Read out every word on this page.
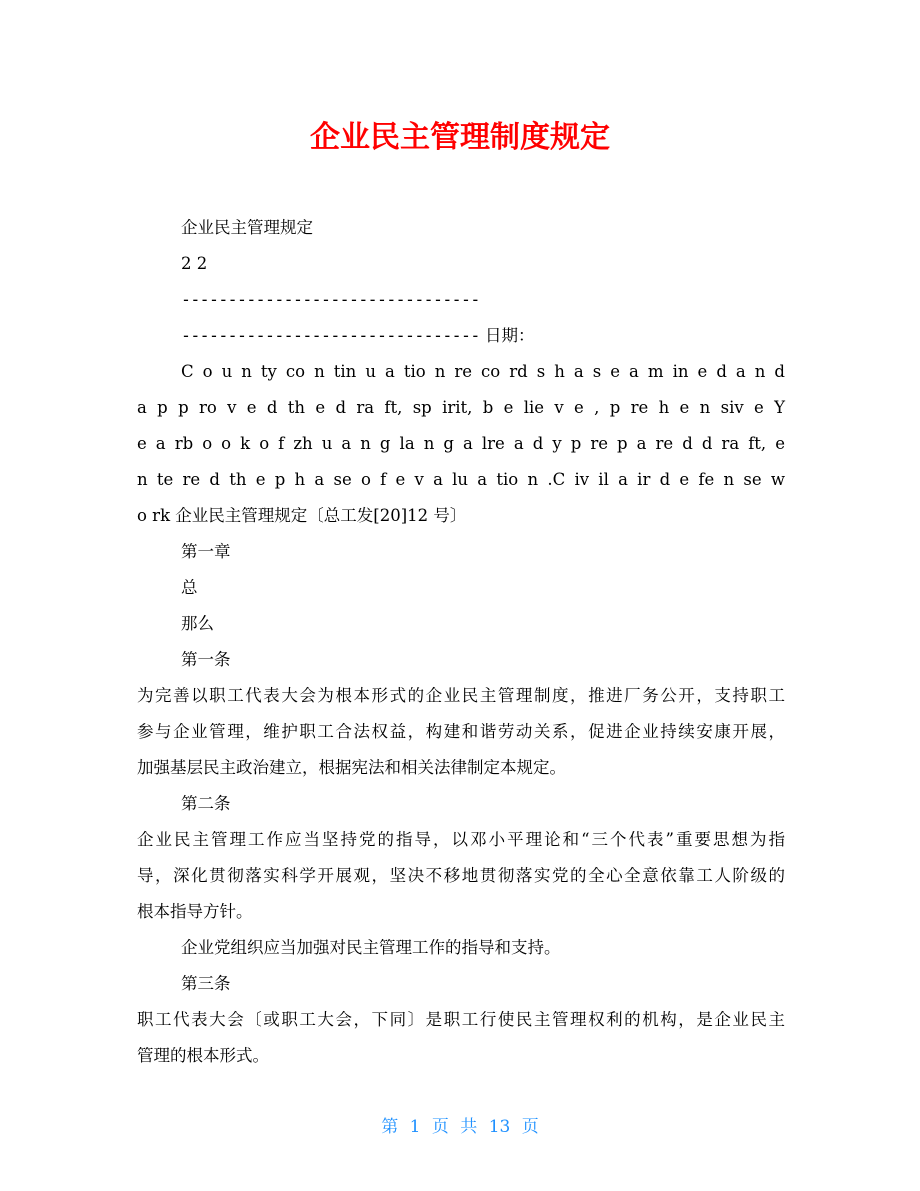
企业民主管理制度规定
企业民主管理规定
2 2
--------------------------------
-------------------------------- 日期：
C o u n ty co n tin u a tio n re co rd s h a s e a m in e d a n d
a p p ro v e d th e d ra ft, sp irit, b e lie v e , p re h e n siv e Y
e a rb o o k o f zh u a n g la n g a lre a d y p re p a re d d ra ft, e
n te re d th e p h a se o f e v a lu a tio n .C iv il a ir d e fe n se w
o rk 企业民主管理规定〔总工发[20]12 号〕
第一章
总
那么
第一条
为完善以职工代表大会为根本形式的企业民主管理制度，推进厂务公开，支持职工
参与企业管理，维护职工合法权益，构建和谐劳动关系，促进企业持续安康开展，
加强基层民主政治建立，根据宪法和相关法律制定本规定。
第二条
企业民主管理工作应当坚持党的指导，以邓小平理论和“三个代表”重要思想为指
导，深化贯彻落实科学开展观，坚决不移地贯彻落实党的全心全意依靠工人阶级的
根本指导方针。
企业党组织应当加强对民主管理工作的指导和支持。
第三条
职工代表大会〔或职工大会，下同〕是职工行使民主管理权利的机构，是企业民主
管理的根本形式。
第 1 页 共 13 页
